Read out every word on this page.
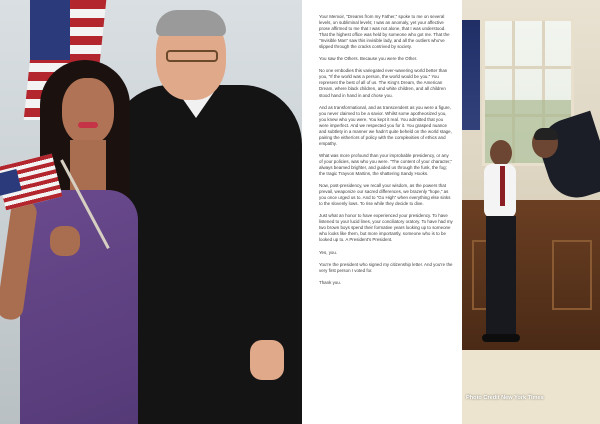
Your Memoir, "Dreams from my Father," spoke to me on several levels, on subliminal levels; I was an anomaly, yet your affective prose affirmed to me that I was not alone, that I was understood. That the highest office was held by someone who got me. That the "Invisible Man" saw this invisible lady, and all the outliers who've slipped through the cracks contrived by society.

You saw the Others. Because you were the Other.

No one embodies this variegated ever-wavering world better than you, "If the world was a person, the world would be you." You represent the best of all of us. The King's Dream, the American Dream, where black children, and white children, and all children stood hand in hand in and chose you.

And as transformational, and as transcendent as you were a figure, you never claimed to be a savior. Whilst some apotheosized you, you knew who you were. You kept it real. You admitted that you were imperfect. And we respected you for it. You grasped nuance and subtlety in a manner we hadn't quite beheld on the world stage, pairing the either/ors of policy with the complexities of ethics and empathy.

What was more profound than your improbable presidency, or any of your policies, was who you were. "The content of your character," always beamed brighter, and guided us through the funk, the fog; the tragic Trayvon Martins, the shattering Sandy Hooks.

Now, post-presidency, we recall your wisdom, as the powers that prevail, weaponize our sacred differences, we brazenly "hope," as you once urged us to. And to "Go High" when everything else sinks to the slovenly lows. To rise while they decide to dive.

Just what an honor to have experienced your presidency. To have listened to your lucid lines, your conciliatory oratory. To have had my two brown boys spend their formative years looking up to someone who looks like them, but more importantly, someone who is to be looked up to. A President's President.

Yes, you.

You're the president who signed my citizenship letter. And you're the very first person I voted for.

Thank you.

Photo Credit New York Times
